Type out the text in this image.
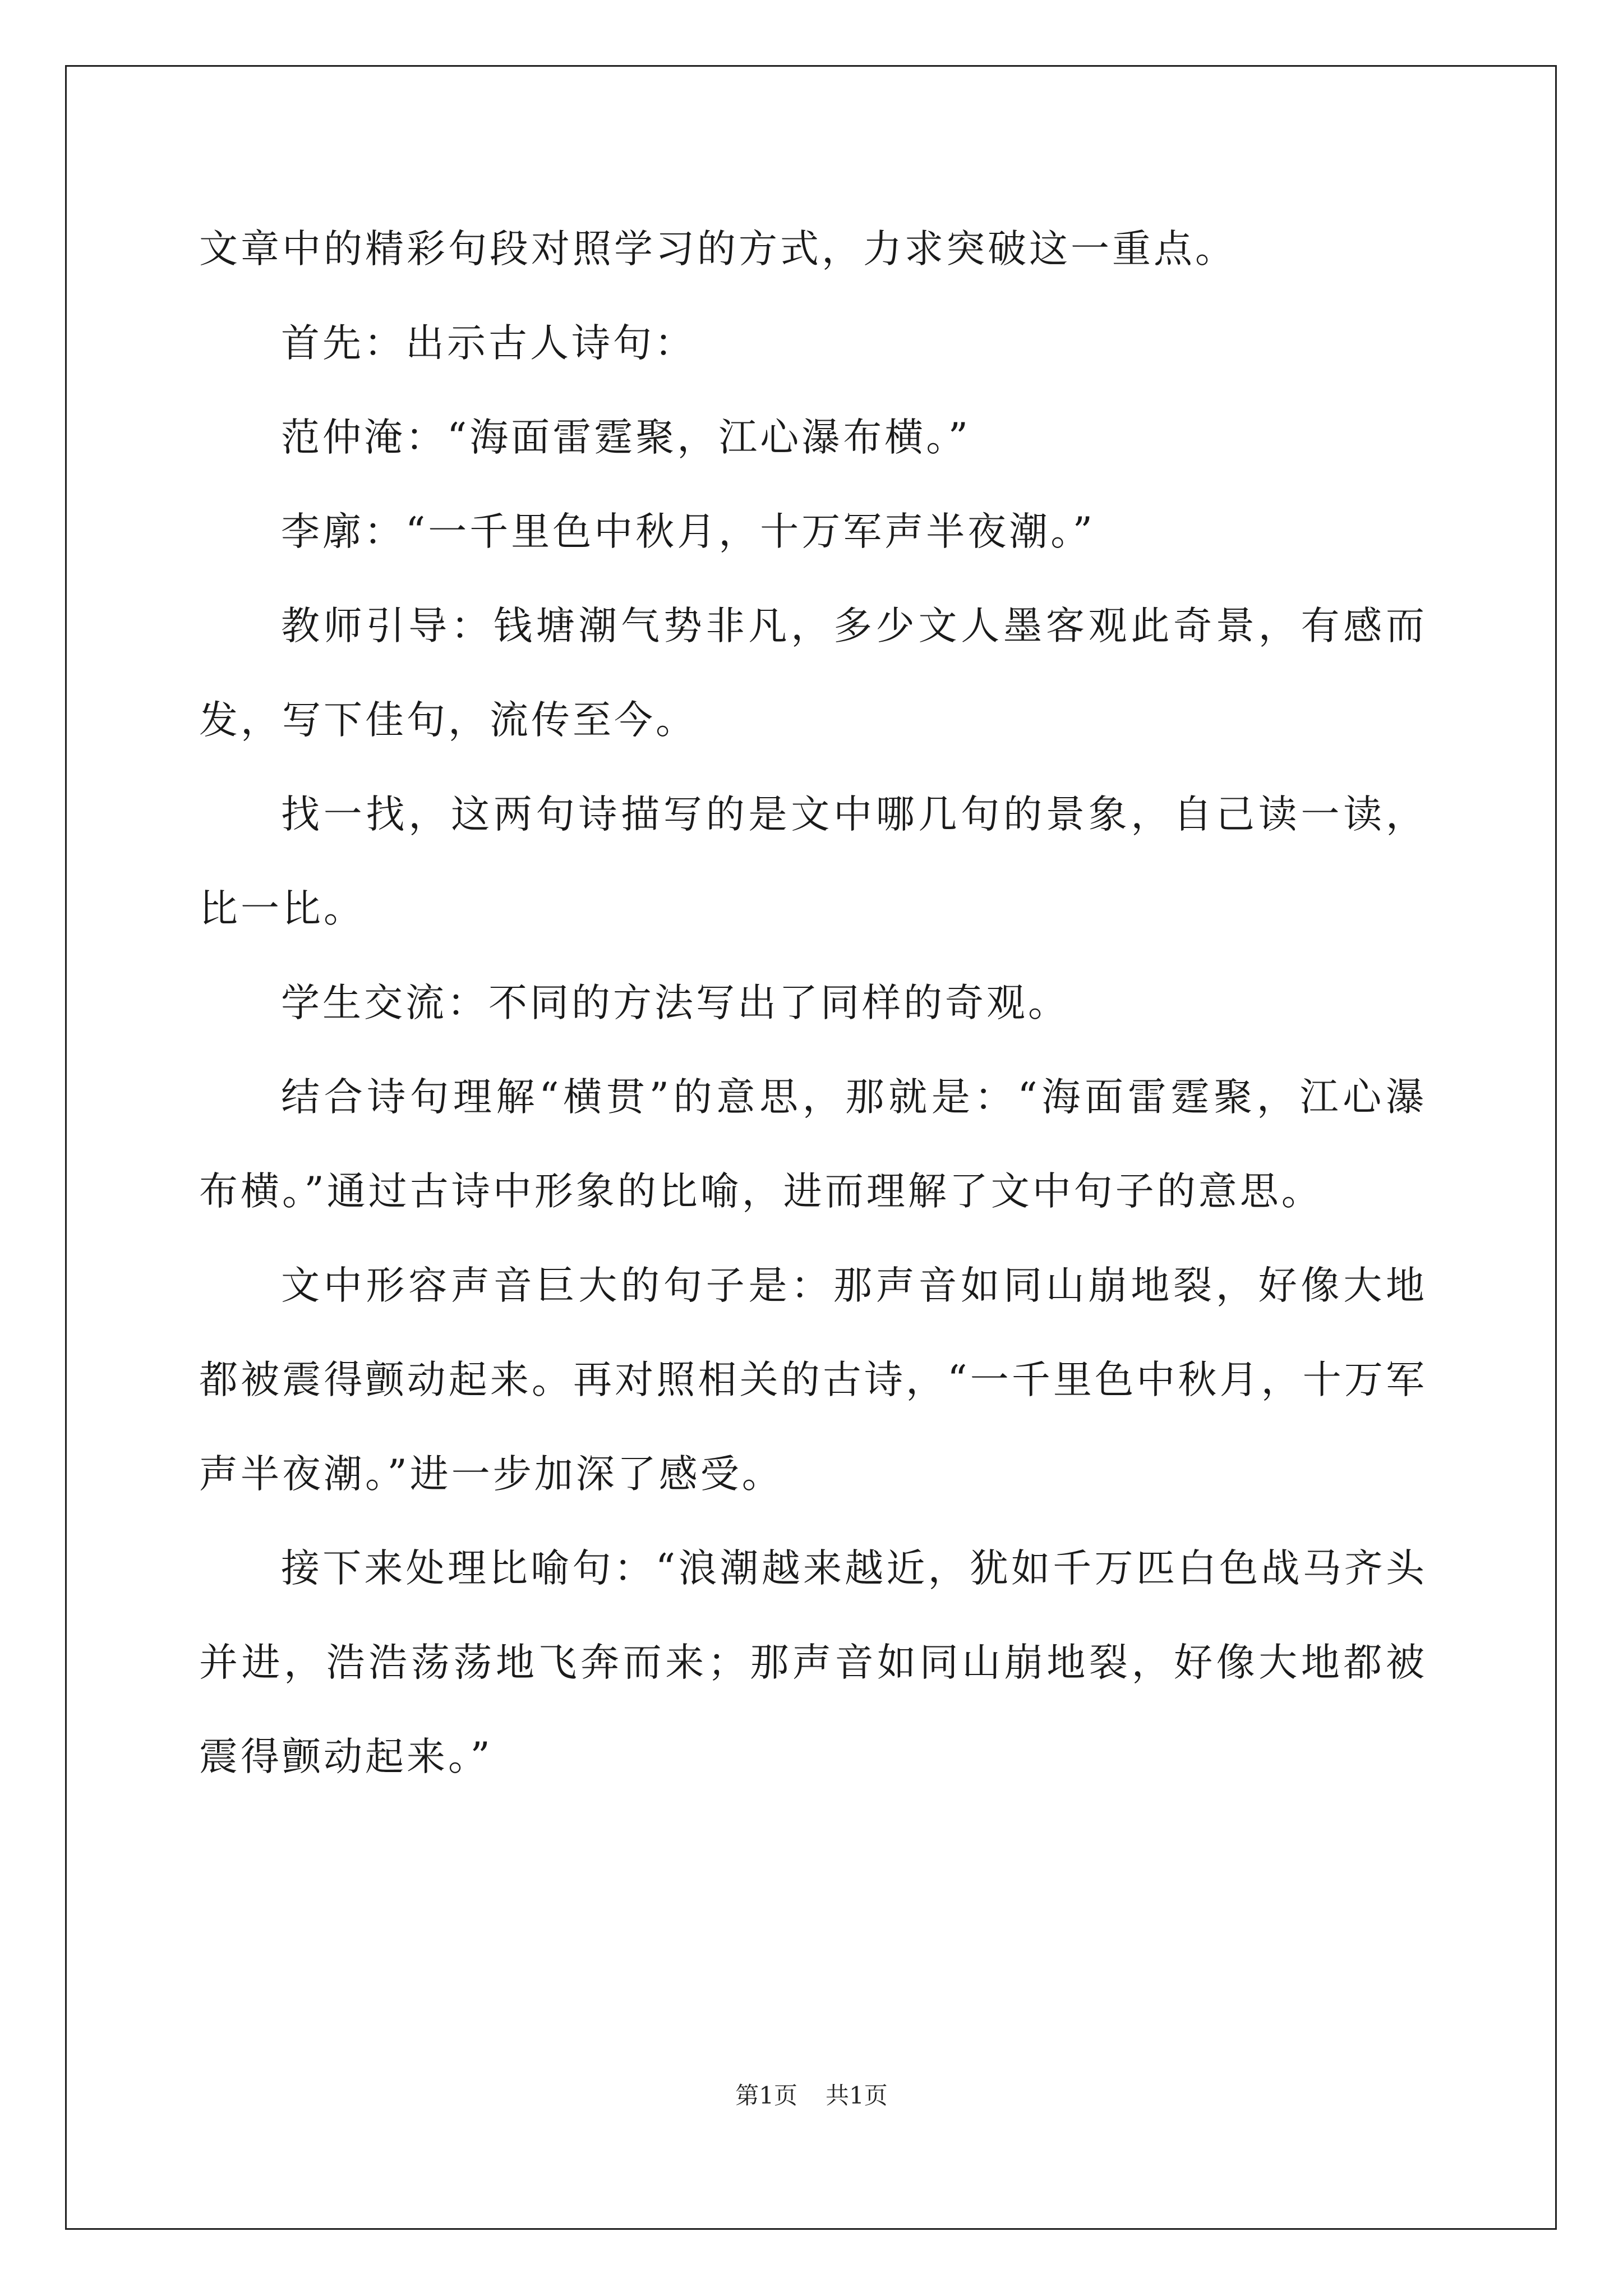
文章中的精彩句段对照学习的方式，力求突破这一重点。

首先：出示古人诗句：

范仲淹：“海面雷霆聚，江心瀑布横。”

李廓：“一千里色中秋月，十万军声半夜潮。”

教师引导：钱塘潮气势非凡，多少文人墨客观此奇景，有感而发，写下佳句，流传至今。

找一找，这两句诗描写的是文中哪几句的景象，自己读一读，比一比。

学生交流：不同的方法写出了同样的奇观。

结合诗句理解“横贯”的意思，那就是：“海面雷霆聚，江心瀑布横。”通过古诗中形象的比喻，进而理解了文中句子的意思。

文中形容声音巨大的句子是：那声音如同山崩地裂，好像大地都被震得颤动起来。再对照相关的古诗，“一千里色中秋月，十万军声半夜潮。”进一步加深了感受。

接下来处理比喻句：“浪潮越来越近，犹如千万匹白色战马齐头并进，浩浩荡荡地飞奔而来；那声音如同山崩地裂，好像大地都被震得颤动起来。”

第1页 共1页
